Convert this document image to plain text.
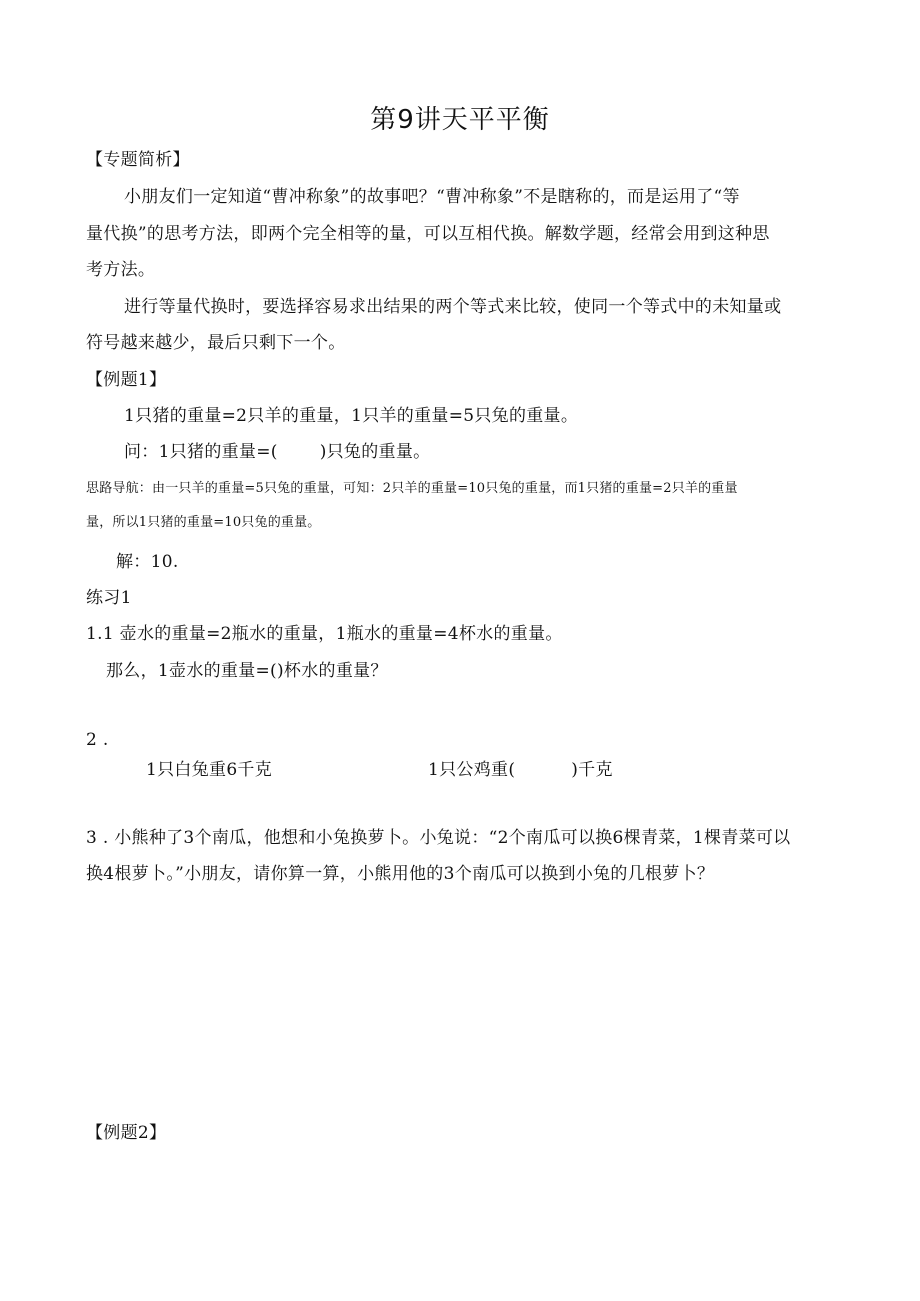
第9讲天平平衡
【专题简析】
小朋友们一定知道“曹冲称象”的故事吧？“曹冲称象”不是瞎称的，而是运用了“等
量代换”的思考方法，即两个完全相等的量，可以互相代换。解数学题，经常会用到这种思
考方法。
进行等量代换时，要选择容易求出结果的两个等式来比较，使同一个等式中的未知量或
符号越来越少，最后只剩下一个。
【例题1】
1只猪的重量=2只羊的重量，1只羊的重量=5只兔的重量。
问：1只猪的重量=( )只兔的重量。
思路导航：由一只羊的重量=5只兔的重量，可知：2只羊的重量=10只兔的重量，而1只猪的重量=2只羊的重量
量，所以1只猪的重量=10只兔的重量。
解：10.
练习1
1.1 壶水的重量=2瓶水的重量，1瓶水的重量=4杯水的重量。
那么，1壶水的重量=()杯水的重量？
2 .
1只白兔重6千克	1只公鸡重(	)千克
3 . 小熊种了3个南瓜，他想和小兔换萝卜。小兔说：“2个南瓜可以换6棵青菜，1棵青菜可以
换4根萝卜。”小朋友，请你算一算，小熊用他的3个南瓜可以换到小兔的几根萝卜？
【例题2】
